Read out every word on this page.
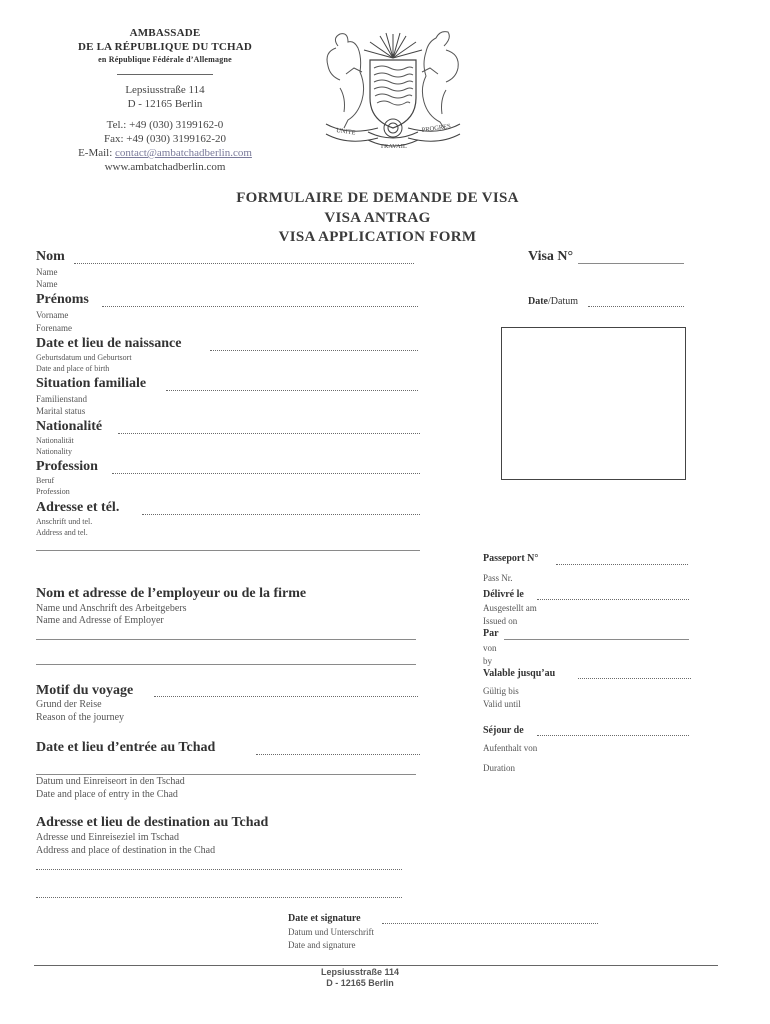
AMBASSADE
DE LA RÉPUBLIQUE DU TCHAD
en République Fédérale d’Allemagne
Lepsiusstraße 114
D - 12165 Berlin
Tel.: +49 (030) 3199162-0
Fax: +49 (030) 3199162-20
E-Mail: contact@ambatchadberlin.com
www.ambatchadberlin.com
UNITE
TRAVAIL
PROGRES
FORMULAIRE DE DEMANDE DE VISA
VISA ANTRAG
VISA APPLICATION FORM
Nom
Name
Name
Prénoms
Vorname
Forename
Date et lieu de naissance
Geburtsdatum und Geburtsort
Date and place of birth
Situation familiale
Familienstand
Marital status
Nationalité
Nationalität
Nationality
Profession
Beruf
Profession
Adresse et tél.
Anschrift und tel.
Address and tel.
Nom et adresse de l’employeur ou de la firme
Name und Anschrift des Arbeitgebers
Name and Adresse of Employer
Motif du voyage
Grund der Reise
Reason of the journey
Date et lieu d’entrée au Tchad
Datum und Einreiseort in den Tschad
Date and place of entry in the Chad
Adresse et lieu de destination au Tchad
Adresse und Einreiseziel im Tschad
Address and place of destination in the Chad
Visa N°
Date/Datum
Passeport N°
Pass Nr.
Délivré le
Ausgestellt am
Issued on
Par
von
by
Valable jusqu’au
Gültig bis
Valid until
Séjour de
Aufenthalt von
Duration
Date et signature
Datum und Unterschrift
Date and signature
Lepsiusstraße 114
D - 12165 Berlin
